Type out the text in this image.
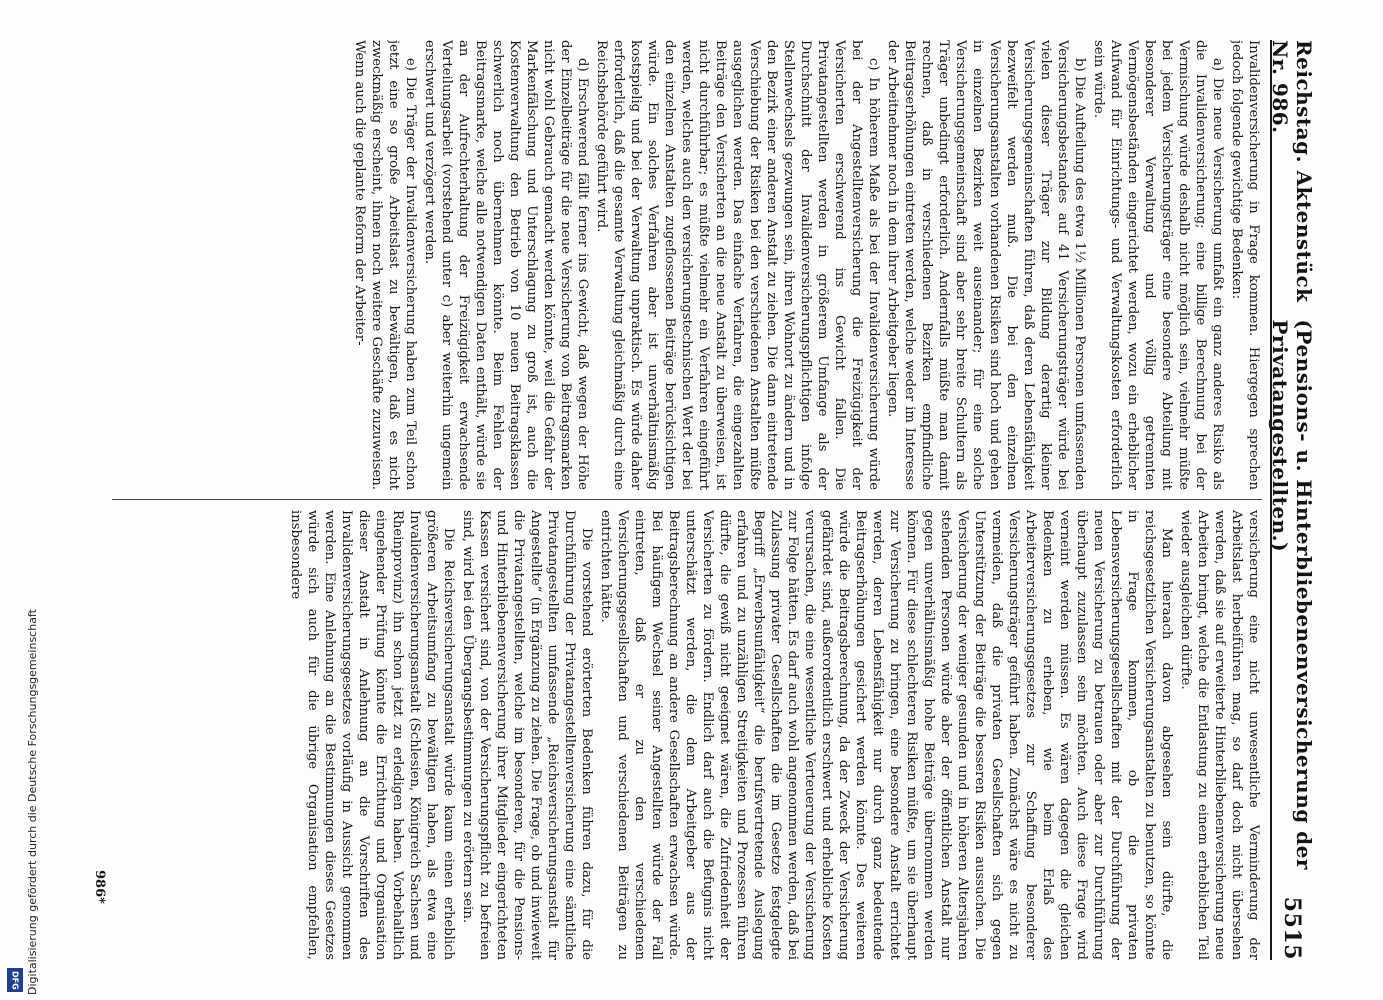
Digitalisierung gefördert durch die Deutsche Forschungsgemeinschaft
DFG
Reichstag. Aktenstück Nr. 986.
(Pensions- u. Hinterbliebenenversicherung der Privatangestellten.)
5515

Invalidenversicherung in Frage kommen. Hiergegen sprechen jedoch folgende gewichtige Bedenken:

a) Die neue Versicherung umfaßt ein ganz anderes Risiko als die Invalidenversicherung; eine billige Berechnung bei der Vermischung würde deshalb nicht möglich sein, vielmehr müßte bei jedem Versicherungsträger eine besondere Abteilung mit besonderer Verwaltung und völlig getrennten Vermögensbeständen eingerichtet werden, wozu ein erheblicher Aufwand für Einrichtungs- und Verwaltungskosten erforderlich sein würde.

b) Die Aufteilung des etwa 1½ Millionen Personen umfassenden Versicherungsbestandes auf 41 Versicherungsträger würde bei vielen dieser Träger zur Bildung derartig kleiner Versicherungsgemeinschaften führen, daß deren Lebensfähigkeit bezweifelt werden muß. Die bei den einzelnen Versicherungsanstalten vorhandenen Risiken sind hoch und gehen in einzelnen Bezirken weit auseinander; für eine solche Versicherungsgemeinschaft sind aber sehr breite Schultern als Träger unbedingt erforderlich. Andernfalls müßte man damit rechnen, daß in verschiedenen Bezirken empfindliche Beitragserhöhungen eintreten werden, welche weder im Interesse der Arbeitnehmer noch in dem ihrer Arbeitgeber liegen.

c) In höherem Maße als bei der Invalidenversicherung würde bei der Angestelltenversicherung die Freizügigkeit der Versicherten erschwerend ins Gewicht fallen. Die Privatangestellten werden in größerem Umfange als der Durchschnitt der Invalidenversicherungspflichtigen infolge Stellenwechsels gezwungen sein, ihren Wohnort zu ändern und in den Bezirk einer anderen Anstalt zu ziehen. Die dann eintretende Verschiebung der Risiken bei den verschiedenen Anstalten müßte ausgeglichen werden. Das einfache Verfahren, die eingezahlten Beiträge den Versicherten an die neue Anstalt zu überweisen, ist nicht durchführbar; es müßte vielmehr ein Verfahren eingeführt werden, welches auch den versicherungstechnischen Wert der bei den einzelnen Anstalten zugeflossenen Beiträge berücksichtigen würde. Ein solches Verfahren aber ist unverhältnismäßig kostspielig und bei der Verwaltung unpraktisch. Es würde daher erforderlich, daß die gesamte Verwaltung gleichmäßig durch eine Reichsbehörde geführt wird.

d) Erschwerend fällt ferner ins Gewicht, daß wegen der Höhe der Einzelbeiträge für die neue Versicherung von Beitragsmarken nicht wohl Gebrauch gemacht werden könnte, weil die Gefahr der Markenfälschung und Unterschlagung zu groß ist, auch die Kostenverwaltung den Betrieb von 10 neuen Beitragsklassen schwerlich noch übernehmen könnte. Beim Fehlen der Beitragsmarke, welche alle notwendigen Daten enthält, würde sie an der Aufrechterhaltung der Freizügigkeit erwachsende Verteilungsarbeit (vorstehend unter c) aber weiterhin ungemein erschwert und verzögert werden.

e) Die Träger der Invalidenversicherung haben zum Teil schon jetzt eine so große Arbeitslast zu bewältigen, daß es nicht zweckmäßig erscheint, ihnen noch weitere Geschäfte zuzuweisen. Wenn auch die geplante Reform der Arbeiter-

versicherung eine nicht unwesentliche Verminderung der Arbeitslast herbeiführen mag, so darf doch nicht übersehen werden, daß sie auf erweiterte Hinterbliebenenversicherung neue Arbeiten bringt, welche die Entlastung zu einem erheblichen Teil wieder ausgleichen dürfte.

Man hieraach davon abgesehen sein dürfte, die reichsgesetzlichen Versicherungsanstalten zu benutzen, so könnte in Frage kommen, ob die privaten Lebensversicherungsgesellschaften mit der Durchführung der neuen Versicherung zu betrauen oder aber zur Durchführung überhaupt zuzulassen sein möchten. Auch diese Frage wird verneint werden müssen. Es wären dagegen die gleichen Bedenken zu erheben, wie beim Erlaß des Arbeiterversicherungsgesetzes zur Schaffung besonderer Versicherungsträger geführt haben. Zunächst wäre es nicht zu vermeiden, daß die privaten Gesellschaften sich gegen Unterstützung der Beiträge die besseren Risiken aussuchen. Die Versicherung der weniger gesunden und in höheren Altersjahren stehenden Personen würde aber der öffentlichen Anstalt nur gegen unverhältnismäßig hohe Beiträge übernommen werden können. Für diese schlechteren Risiken müßte, um sie überhaupt zur Versicherung zu bringen, eine besondere Anstalt errichtet werden, deren Lebensfähigkeit nur durch ganz bedeutende Beitragserhöhungen gesichert werden könnte. Des weiteren würde die Beitragsberechnung, da der Zweck der Versicherung gefährdet sind, außerordentlich erschwert und erhebliche Kosten verursachen, die eine wesentliche Verteuerung der Versicherung zur Folge hätten. Es darf auch wohl angenommen werden, daß bei Zulassung privater Gesellschaften die im Gesetze festgelegte Begriff „Erwerbsunfähigkeit“ die berufsvertretende Auslegung erfahren und zu unzähligen Streitigkeiten und Prozessen führen dürfte, die gewiß nicht geeignet wären, die Zufriedenheit der Versicherten zu fördern. Endlich darf auch die Befugnis nicht unterschätzt werden, die dem Arbeitgeber aus der Beitragsberechnung an andere Gesellschaften erwachsen würde. Bei häufigem Wechsel seiner Angestellten würde der Fall eintreten, daß er zu den verschiedenen Versicherungsgesellschaften und verschiedenen Beiträgen zu entrichten hätte.

Die vorstehend erörterten Bedenken führen dazu, für die Durchführung der Privatangestelltenversicherung eine sämtliche Privatangestellten umfassende „Reichsversicherungsanstalt für Angestellte“ (in Ergänzung zu ziehen. Die Frage, ob und inwieweit die Privatangestellten, welche im besonderen, für die Pensions- und Hinterbliebenenversicherung ihrer Mitglieder eingerichteten Kassen versichert sind, von der Versicherungspflicht zu befreien sind, wird bei den Übergangsbestimmungen zu erörtern sein.

Die Reichsversicherungsanstalt würde kaum einen erheblich größeren Arbeitsumfang zu bewältigen haben, als etwa eine Invalidenversicherungsanstalt (Schlesien, Königreich Sachsen und Rheinprovinz) ihn schon jetzt zu erledigen haben. Vorbehaltlich eingehender Prüfung könnte die Errichtung und Organisation dieser Anstalt in Anlehnung an die Vorschriften des Invalidenversicherungsgesetzes vorläufig in Aussicht genommen werden. Eine Anlehnung an die Bestimmungen dieses Gesetzes würde sich auch für die übrige Organisation empfehlen, insbesondere

986*
